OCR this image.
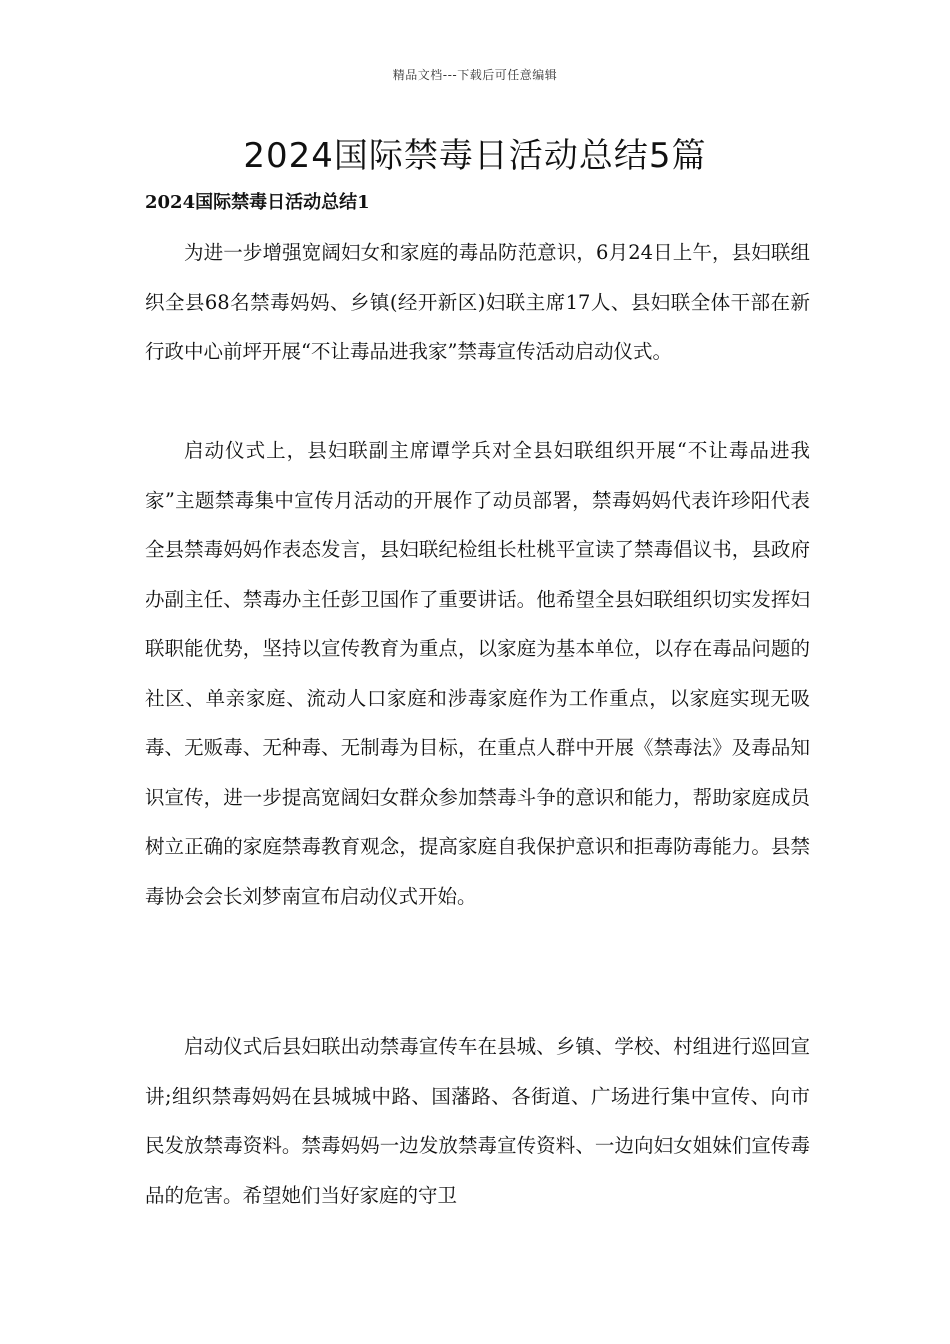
精品文档---下载后可任意编辑
2024国际禁毒日活动总结5篇
2024国际禁毒日活动总结1

为进一步增强宽阔妇女和家庭的毒品防范意识，6月24日上午，县妇联组织全县68名禁毒妈妈、乡镇(经开新区)妇联主席17人、县妇联全体干部在新行政中心前坪开展“不让毒品进我家”禁毒宣传活动启动仪式。

启动仪式上，县妇联副主席谭学兵对全县妇联组织开展“不让毒品进我家”主题禁毒集中宣传月活动的开展作了动员部署，禁毒妈妈代表许珍阳代表全县禁毒妈妈作表态发言，县妇联纪检组长杜桃平宣读了禁毒倡议书，县政府办副主任、禁毒办主任彭卫国作了重要讲话。他希望全县妇联组织切实发挥妇联职能优势，坚持以宣传教育为重点，以家庭为基本单位，以存在毒品问题的社区、单亲家庭、流动人口家庭和涉毒家庭作为工作重点，以家庭实现无吸毒、无贩毒、无种毒、无制毒为目标，在重点人群中开展《禁毒法》及毒品知识宣传，进一步提高宽阔妇女群众参加禁毒斗争的意识和能力，帮助家庭成员树立正确的家庭禁毒教育观念，提高家庭自我保护意识和拒毒防毒能力。县禁毒协会会长刘梦南宣布启动仪式开始。

启动仪式后县妇联出动禁毒宣传车在县城、乡镇、学校、村组进行巡回宣讲;组织禁毒妈妈在县城城中路、国藩路、各街道、广场进行集中宣传、向市民发放禁毒资料。禁毒妈妈一边发放禁毒宣传资料、一边向妇女姐妹们宣传毒品的危害。希望她们当好家庭的守卫
